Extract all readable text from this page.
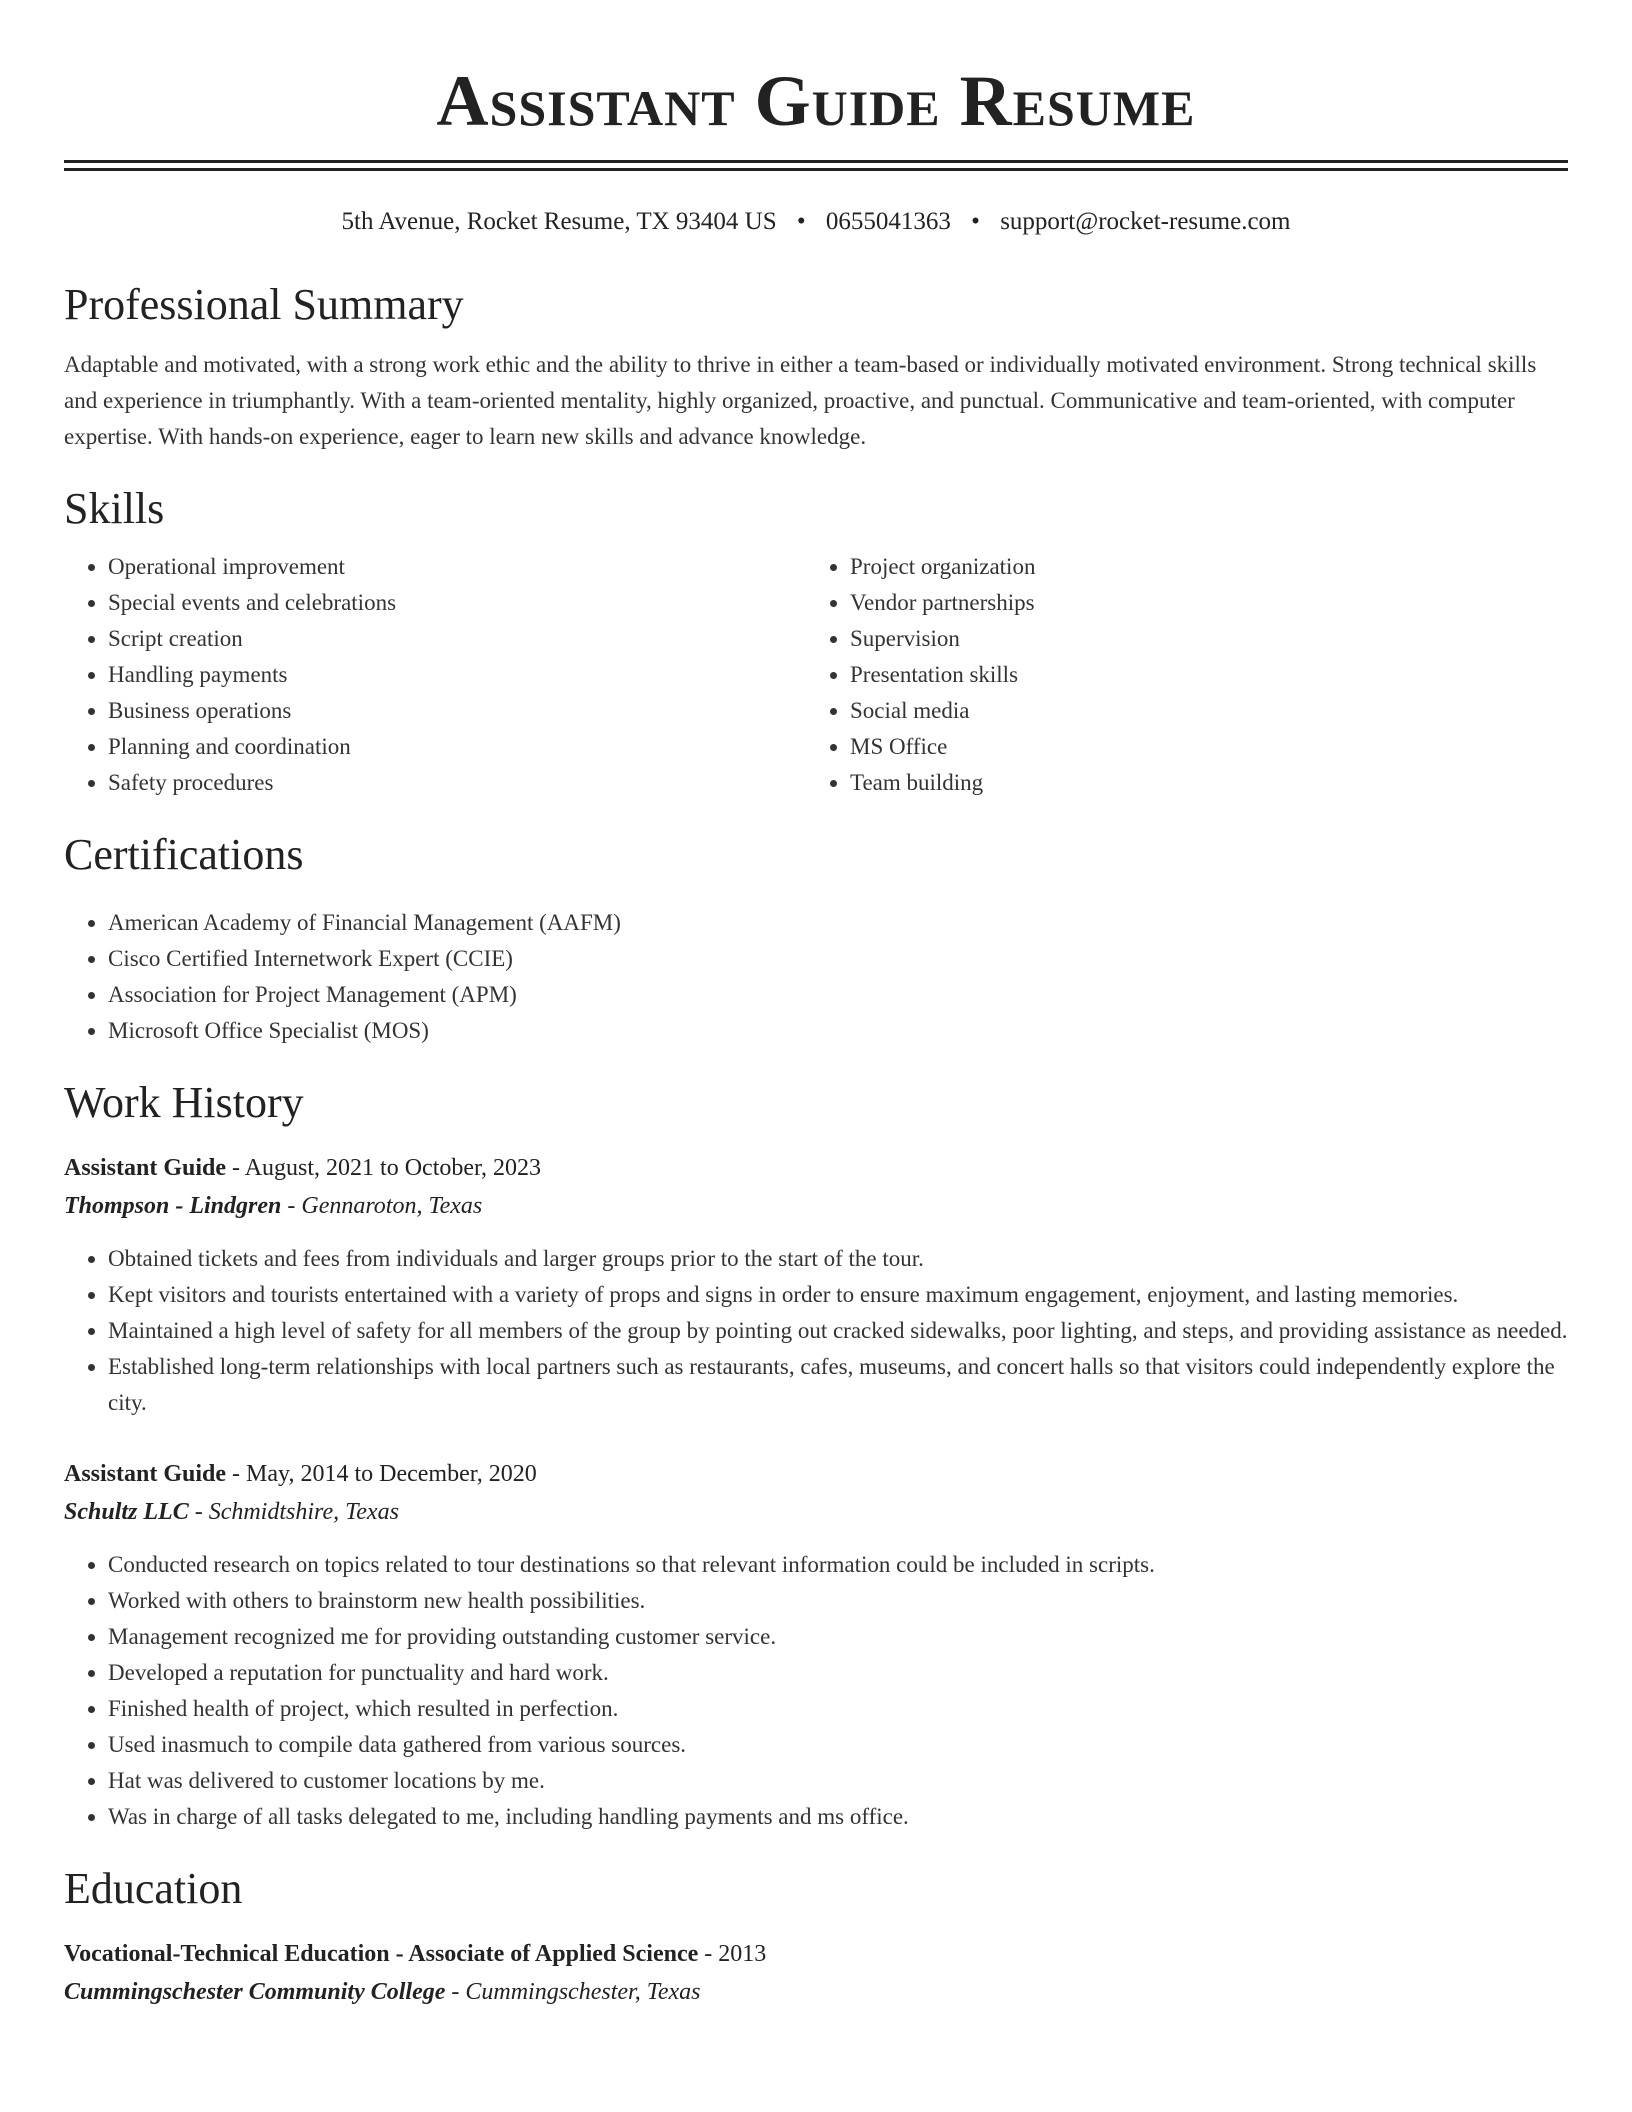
Assistant Guide Resume
5th Avenue, Rocket Resume, TX 93404 US • 0655041363 • support@rocket-resume.com
Professional Summary

Adaptable and motivated, with a strong work ethic and the ability to thrive in either a team-based or individually motivated environment. Strong technical skills and experience in triumphantly. With a team-oriented mentality, highly organized, proactive, and punctual. Communicative and team-oriented, with computer expertise. With hands-on experience, eager to learn new skills and advance knowledge.

Skills
• Operational improvement
• Special events and celebrations
• Script creation
• Handling payments
• Business operations
• Planning and coordination
• Safety procedures
• Project organization
• Vendor partnerships
• Supervision
• Presentation skills
• Social media
• MS Office
• Team building
Certifications
• American Academy of Financial Management (AAFM)
• Cisco Certified Internetwork Expert (CCIE)
• Association for Project Management (APM)
• Microsoft Office Specialist (MOS)
Work History
Assistant Guide - August, 2021 to October, 2023
Thompson - Lindgren - Gennaroton, Texas
• Obtained tickets and fees from individuals and larger groups prior to the start of the tour.
• Kept visitors and tourists entertained with a variety of props and signs in order to ensure maximum engagement, enjoyment, and lasting memories.
• Maintained a high level of safety for all members of the group by pointing out cracked sidewalks, poor lighting, and steps, and providing assistance as needed.
• Established long-term relationships with local partners such as restaurants, cafes, museums, and concert halls so that visitors could independently explore the city.
Assistant Guide - May, 2014 to December, 2020
Schultz LLC - Schmidtshire, Texas
• Conducted research on topics related to tour destinations so that relevant information could be included in scripts.
• Worked with others to brainstorm new health possibilities.
• Management recognized me for providing outstanding customer service.
• Developed a reputation for punctuality and hard work.
• Finished health of project, which resulted in perfection.
• Used inasmuch to compile data gathered from various sources.
• Hat was delivered to customer locations by me.
• Was in charge of all tasks delegated to me, including handling payments and ms office.
Education
Vocational-Technical Education - Associate of Applied Science - 2013
Cummingschester Community College - Cummingschester, Texas
